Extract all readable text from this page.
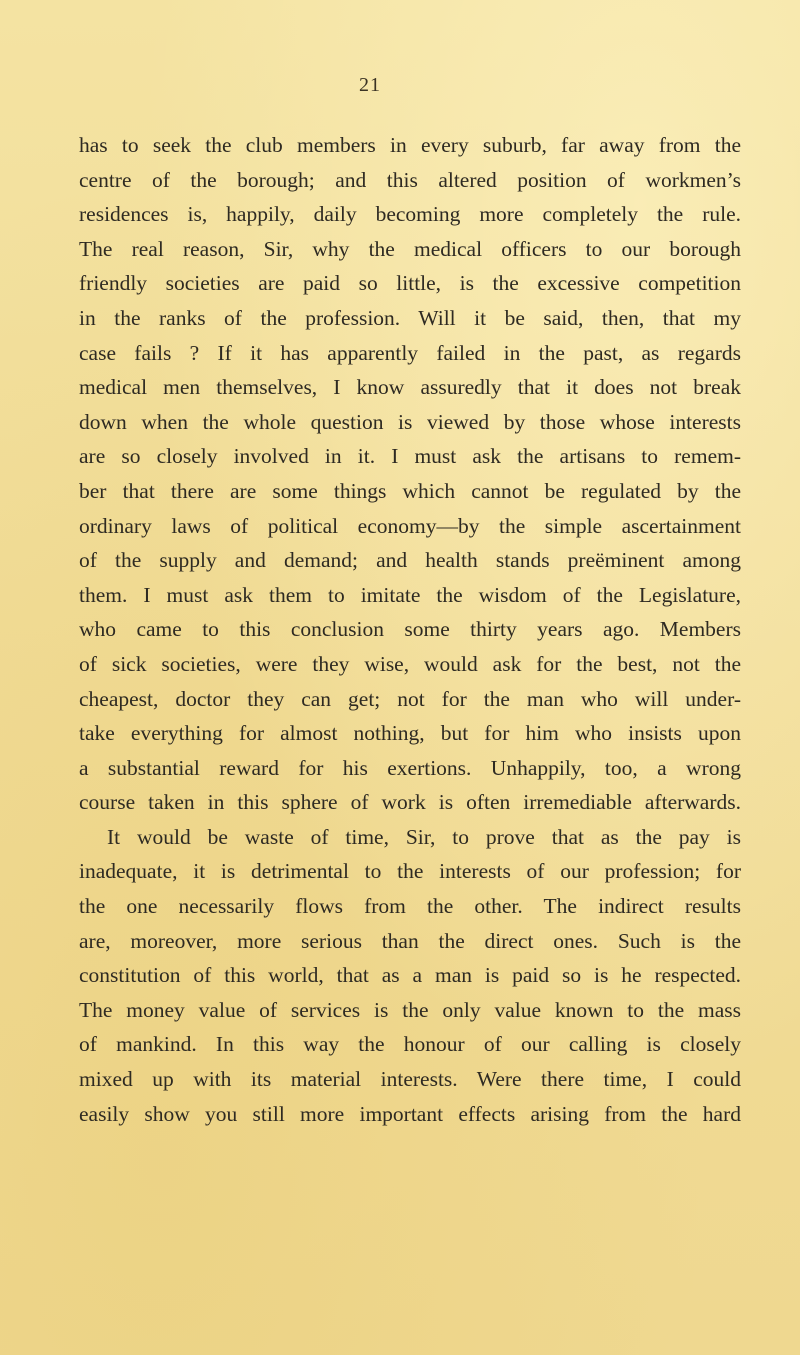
21
has to seek the club members in every suburb, far away from the
centre of the borough; and this altered position of workmen’s
residences is, happily, daily becoming more completely the rule.
The real reason, Sir, why the medical officers to our borough
friendly societies are paid so little, is the excessive competition
in the ranks of the profession. Will it be said, then, that my
case fails ? If it has apparently failed in the past, as regards
medical men themselves, I know assuredly that it does not break
down when the whole question is viewed by those whose interests
are so closely involved in it. I must ask the artisans to remem-
ber that there are some things which cannot be regulated by the
ordinary laws of political economy—by the simple ascertainment
of the supply and demand; and health stands preëminent among
them. I must ask them to imitate the wisdom of the Legislature,
who came to this conclusion some thirty years ago. Members
of sick societies, were they wise, would ask for the best, not the
cheapest, doctor they can get; not for the man who will under-
take everything for almost nothing, but for him who insists upon
a substantial reward for his exertions. Unhappily, too, a wrong
course taken in this sphere of work is often irremediable afterwards.
It would be waste of time, Sir, to prove that as the pay is
inadequate, it is detrimental to the interests of our profession; for
the one necessarily flows from the other. The indirect results
are, moreover, more serious than the direct ones. Such is the
constitution of this world, that as a man is paid so is he respected.
The money value of services is the only value known to the mass
of mankind. In this way the honour of our calling is closely
mixed up with its material interests. Were there time, I could
easily show you still more important effects arising from the hard
